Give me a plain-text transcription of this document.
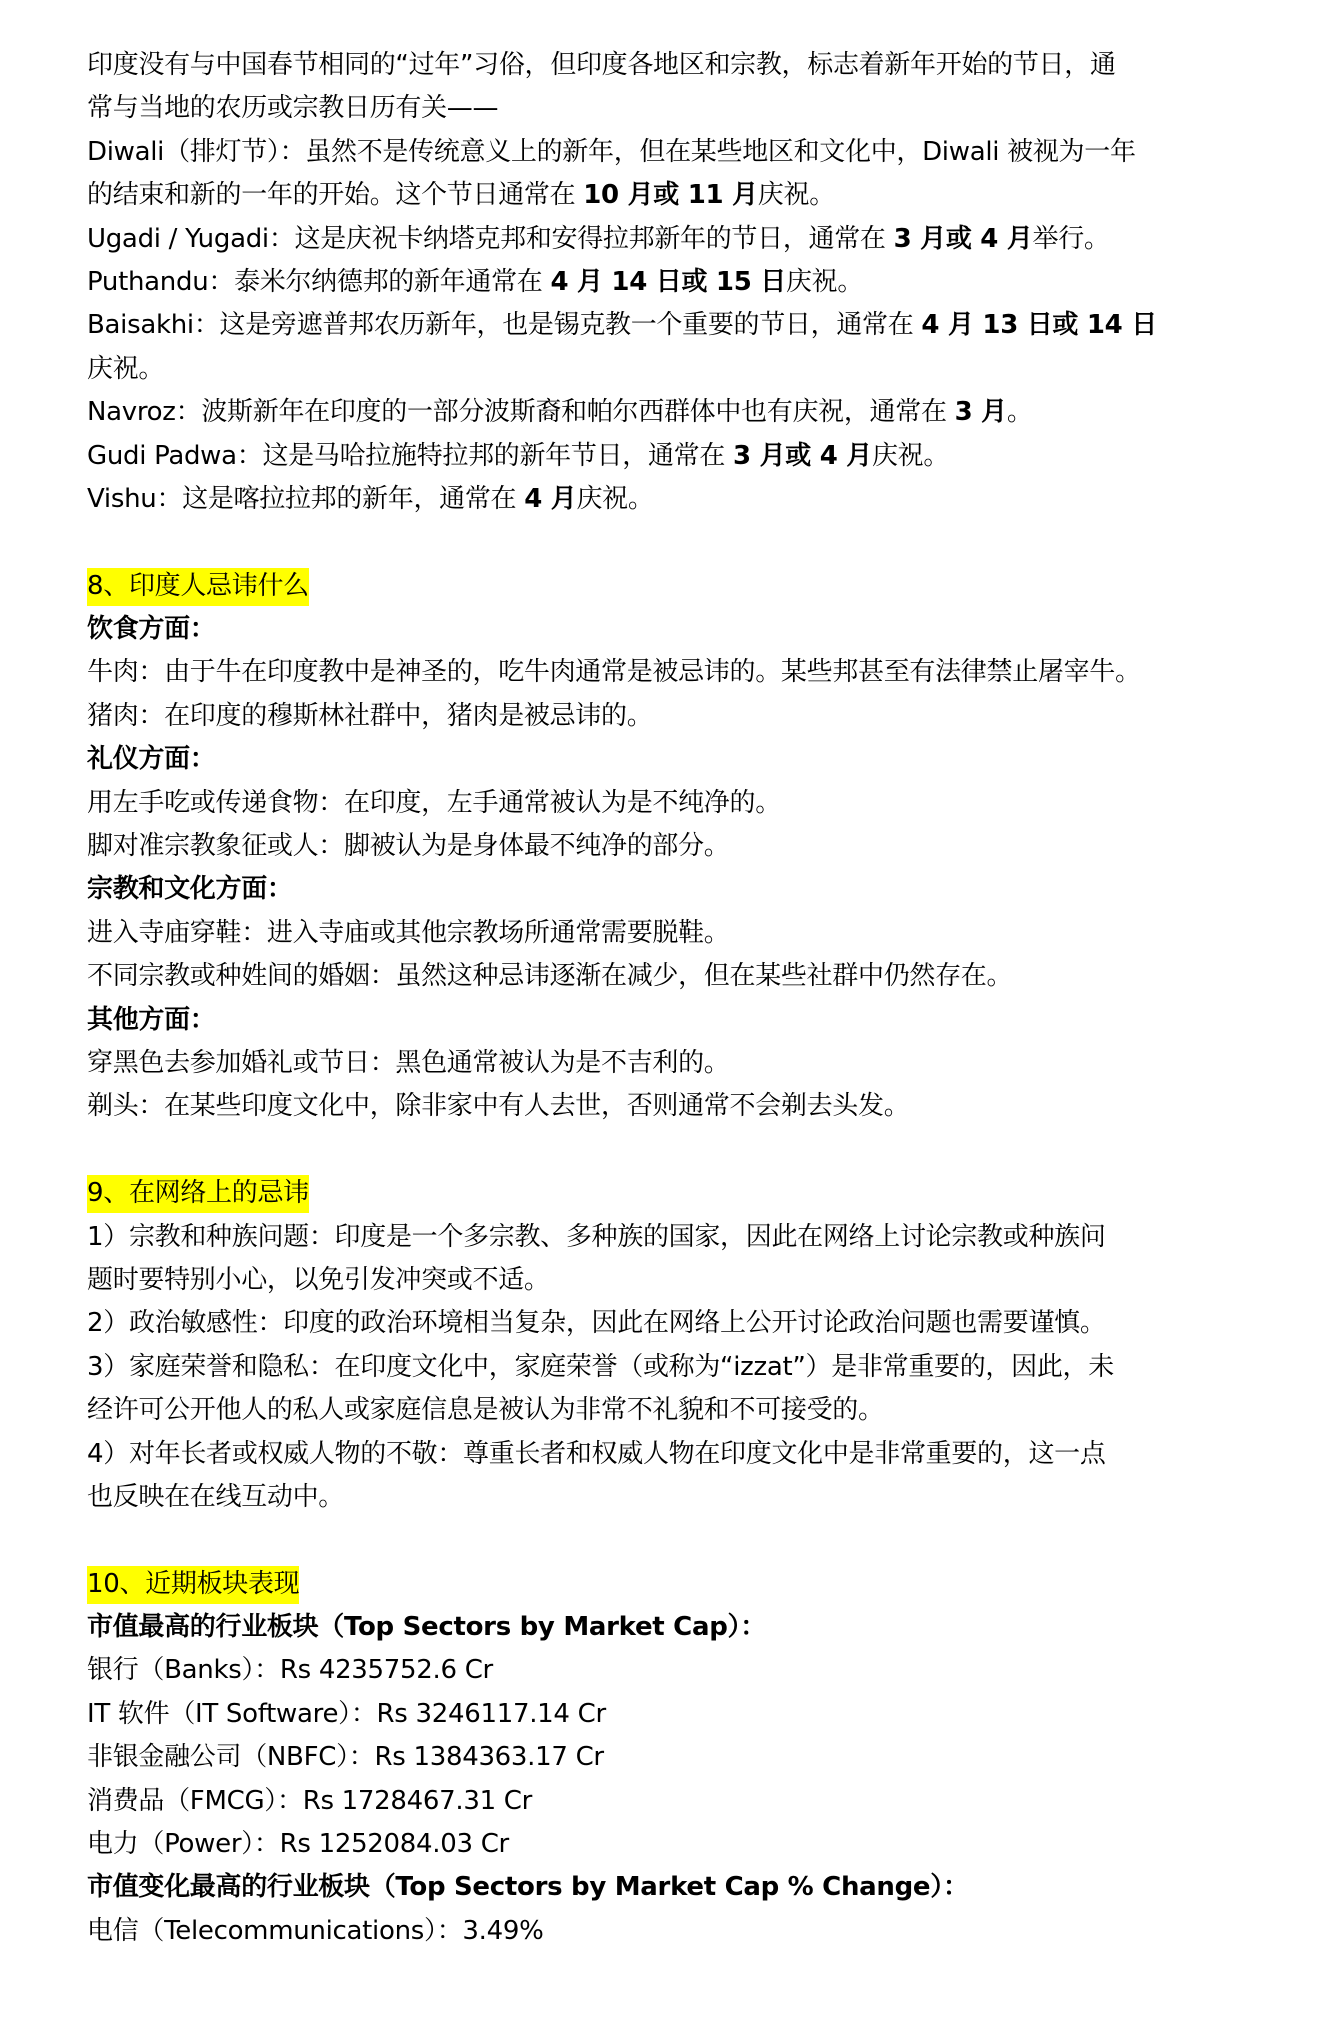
印度没有与中国春节相同的“过年”习俗，但印度各地区和宗教，标志着新年开始的节日，通
常与当地的农历或宗教日历有关——
Diwali（排灯节）：虽然不是传统意义上的新年，但在某些地区和文化中，Diwali 被视为一年
的结束和新的一年的开始。这个节日通常在 10 月或 11 月庆祝。
Ugadi / Yugadi：这是庆祝卡纳塔克邦和安得拉邦新年的节日，通常在 3 月或 4 月举行。
Puthandu：泰米尔纳德邦的新年通常在 4 月 14 日或 15 日庆祝。
Baisakhi：这是旁遮普邦农历新年，也是锡克教一个重要的节日，通常在 4 月 13 日或 14 日
庆祝。
Navroz：波斯新年在印度的一部分波斯裔和帕尔西群体中也有庆祝，通常在 3 月。
Gudi Padwa：这是马哈拉施特拉邦的新年节日，通常在 3 月或 4 月庆祝。
Vishu：这是喀拉拉邦的新年，通常在 4 月庆祝。
8、印度人忌讳什么
饮食方面：
牛肉：由于牛在印度教中是神圣的，吃牛肉通常是被忌讳的。某些邦甚至有法律禁止屠宰牛。
猪肉：在印度的穆斯林社群中，猪肉是被忌讳的。
礼仪方面：
用左手吃或传递食物：在印度，左手通常被认为是不纯净的。
脚对准宗教象征或人：脚被认为是身体最不纯净的部分。
宗教和文化方面：
进入寺庙穿鞋：进入寺庙或其他宗教场所通常需要脱鞋。
不同宗教或种姓间的婚姻：虽然这种忌讳逐渐在减少，但在某些社群中仍然存在。
其他方面：
穿黑色去参加婚礼或节日：黑色通常被认为是不吉利的。
剃头：在某些印度文化中，除非家中有人去世，否则通常不会剃去头发。
9、在网络上的忌讳
1）宗教和种族问题：印度是一个多宗教、多种族的国家，因此在网络上讨论宗教或种族问
题时要特别小心，以免引发冲突或不适。
2）政治敏感性：印度的政治环境相当复杂，因此在网络上公开讨论政治问题也需要谨慎。
3）家庭荣誉和隐私：在印度文化中，家庭荣誉（或称为“izzat”）是非常重要的，因此，未
经许可公开他人的私人或家庭信息是被认为非常不礼貌和不可接受的。
4）对年长者或权威人物的不敬：尊重长者和权威人物在印度文化中是非常重要的，这一点
也反映在在线互动中。
10、近期板块表现
市值最高的行业板块（Top Sectors by Market Cap）：
银行（Banks）：Rs 4235752.6 Cr
IT 软件（IT Software）：Rs 3246117.14 Cr
非银金融公司（NBFC）：Rs 1384363.17 Cr
消费品（FMCG）：Rs 1728467.31 Cr
电力（Power）：Rs 1252084.03 Cr
市值变化最高的行业板块（Top Sectors by Market Cap % Change）：
电信（Telecommunications）：3.49%
